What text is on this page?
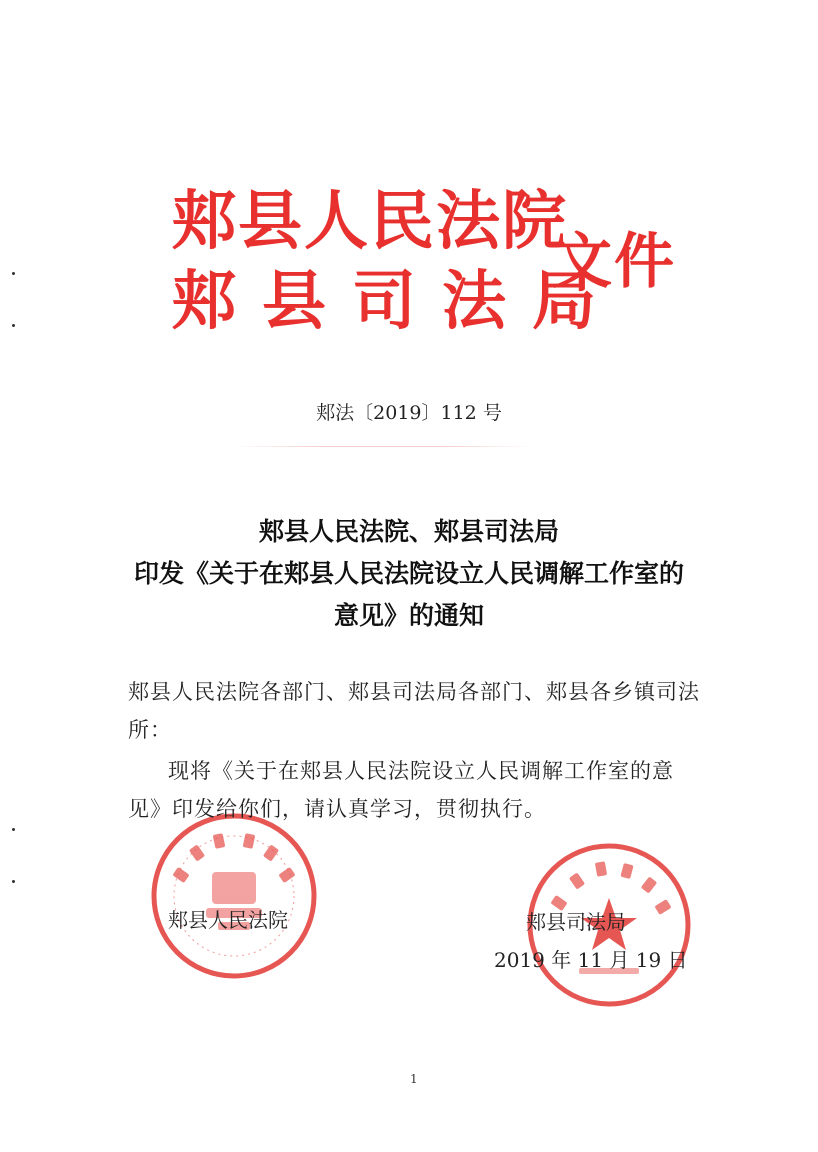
郏县人民法院
郏县司法局
文件
郏法〔2019〕112 号
郏县人民法院、郏县司法局
印发《关于在郏县人民法院设立人民调解工作室的
意见》的通知
郏县人民法院各部门、郏县司法局各部门、郏县各乡镇司法
所：
现将《关于在郏县人民法院设立人民调解工作室的意
见》印发给你们，请认真学习，贯彻执行。
郏县人民法院	郏县司法局
2019 年 11 月 19 日
1
